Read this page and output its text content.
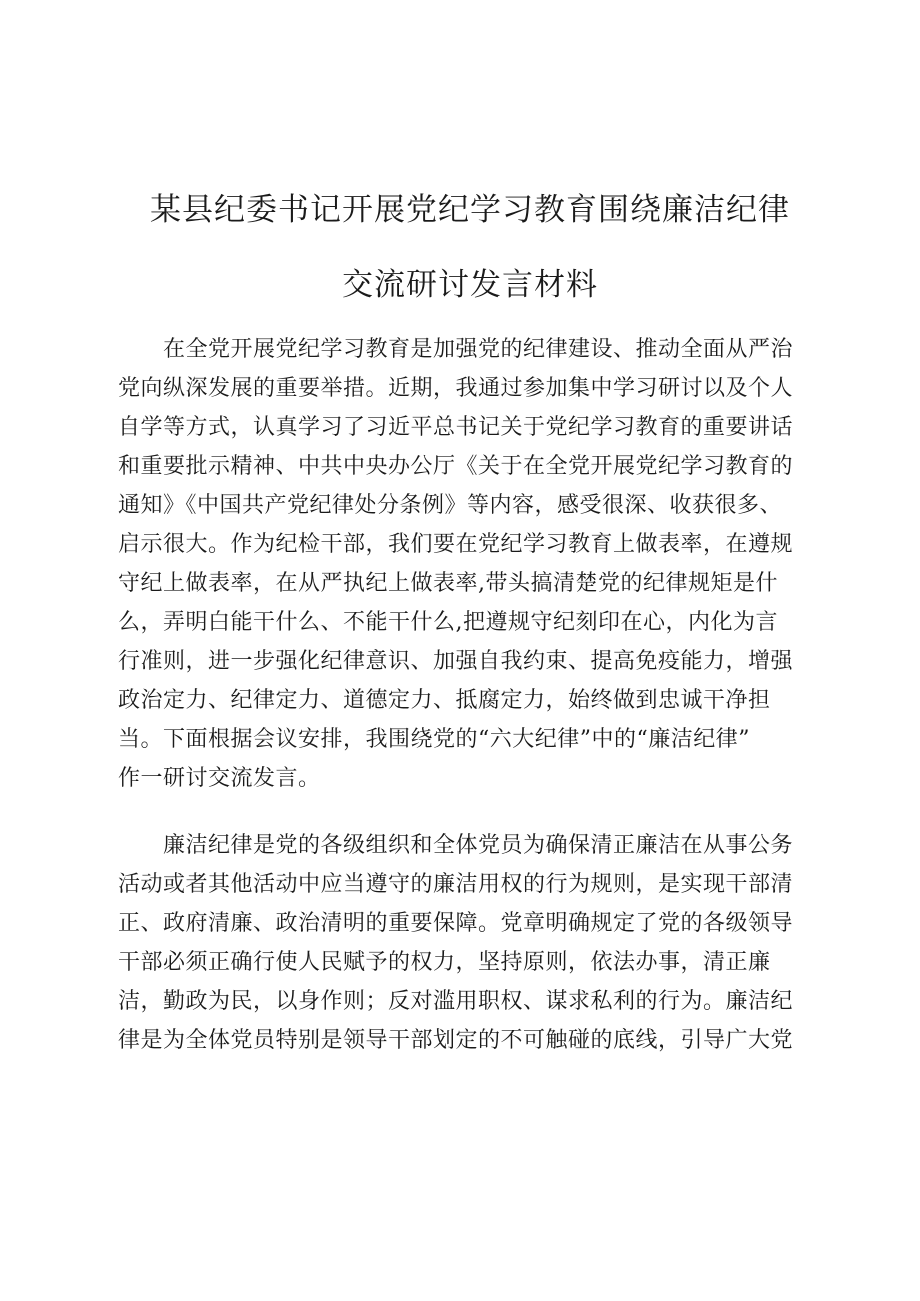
某县纪委书记开展党纪学习教育围绕廉洁纪律
交流研讨发言材料

　　在全党开展党纪学习教育是加强党的纪律建设、推动全面从严治

党向纵深发展的重要举措。近期，我通过参加集中学习研讨以及个人

自学等方式，认真学习了习近平总书记关于党纪学习教育的重要讲话

和重要批示精神、中共中央办公厅《关于在全党开展党纪学习教育的

通知》《中国共产党纪律处分条例》等内容，感受很深、收获很多、

启示很大。作为纪检干部，我们要在党纪学习教育上做表率，在遵规

守纪上做表率，在从严执纪上做表率,带头搞清楚党的纪律规矩是什

么，弄明白能干什么、不能干什么,把遵规守纪刻印在心，内化为言

行准则，进一步强化纪律意识、加强自我约束、提高免疫能力，增强

政治定力、纪律定力、道德定力、抵腐定力，始终做到忠诚干净担

当。下面根据会议安排，我围绕党的“六大纪律”中的“廉洁纪律”

作一研讨交流发言。

　　廉洁纪律是党的各级组织和全体党员为确保清正廉洁在从事公务

活动或者其他活动中应当遵守的廉洁用权的行为规则，是实现干部清

正、政府清廉、政治清明的重要保障。党章明确规定了党的各级领导

干部必须正确行使人民赋予的权力，坚持原则，依法办事，清正廉

洁，勤政为民，以身作则；反对滥用职权、谋求私利的行为。廉洁纪

律是为全体党员特别是领导干部划定的不可触碰的底线，引导广大党
